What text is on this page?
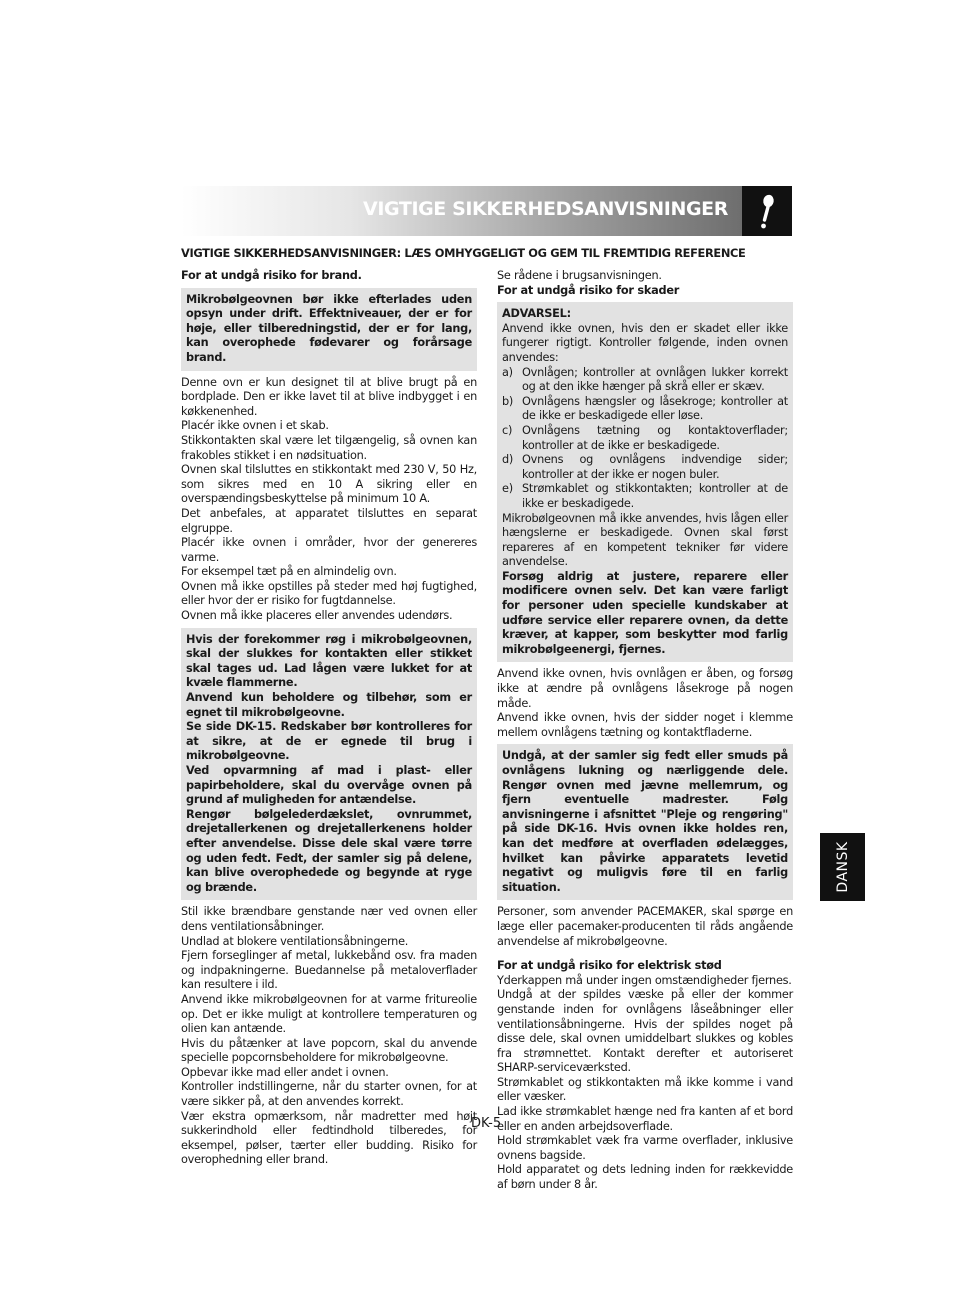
VIGTIGE SIKKERHEDSANVISNINGER
VIGTIGE SIKKERHEDSANVISNINGER: LÆS OMHYGGELIGT OG GEM TIL FREMTIDIG REFERENCE

For at undgå risiko for brand.

Mikrobølgeovnen bør ikke efterlades uden opsyn under drift. Effektniveauer, der er for høje, eller tilberedningstid, der er for lang, kan overophede fødevarer og forårsage brand.

Denne ovn er kun designet til at blive brugt på en bordplade. Den er ikke lavet til at blive indbygget i en køkkenenhed.

Placér ikke ovnen i et skab.

Stikkontakten skal være let tilgængelig, så ovnen kan frakobles stikket i en nødsituation.

Ovnen skal tilsluttes en stikkontakt med 230 V, 50 Hz, som sikres med en 10 A sikring eller en overspændingsbeskyttelse på minimum 10 A.

Det anbefales, at apparatet tilsluttes en separat elgruppe.

Placér ikke ovnen i områder, hvor der genereres varme.

For eksempel tæt på en almindelig ovn.

Ovnen må ikke opstilles på steder med høj fugtighed, eller hvor der er risiko for fugtdannelse.

Ovnen må ikke placeres eller anvendes udendørs.

Hvis der forekommer røg i mikrobølgeovnen, skal der slukkes for kontakten eller stikket skal tages ud. Lad lågen være lukket for at kvæle flammerne.

Anvend kun beholdere og tilbehør, som er egnet til mikrobølgeovne.

Se side DK-15. Redskaber bør kontrolleres for at sikre, at de er egnede til brug i mikrobølgeovne.

Ved opvarmning af mad i plast- eller papirbeholdere, skal du overvåge ovnen på grund af muligheden for antændelse.

Rengør bølgelederdækslet, ovnrummet, drejetallerkenen og drejetallerkenens holder efter anvendelse. Disse dele skal være tørre og uden fedt. Fedt, der samler sig på delene, kan blive overophedede og begynde at ryge og brænde.

Stil ikke brændbare genstande nær ved ovnen eller dens ventilationsåbninger.

Undlad at blokere ventilationsåbningerne.

Fjern forseglinger af metal, lukkebånd osv. fra maden og indpakningerne. Buedannelse på metaloverflader kan resultere i ild.

Anvend ikke mikrobølgeovnen for at varme fritureolie op. Det er ikke muligt at kontrollere temperaturen og olien kan antænde.

Hvis du påtænker at lave popcorn, skal du anvende specielle popcornsbeholdere for mikrobølgeovne.

Opbevar ikke mad eller andet i ovnen.

Kontroller indstillingerne, når du starter ovnen, for at være sikker på, at den anvendes korrekt.

Vær ekstra opmærksom, når madretter med højt sukkerindhold eller fedtindhold tilberedes, for eksempel, pølser, tærter eller budding. Risiko for overophedning eller brand.

Se rådene i brugsanvisningen.

For at undgå risiko for skader

ADVARSEL:

Anvend ikke ovnen, hvis den er skadet eller ikke fungerer rigtigt. Kontroller følgende, inden ovnen anvendes:

a) Ovnlågen; kontroller at ovnlågen lukker korrekt og at den ikke hænger på skrå eller er skæv.
b) Ovnlågens hængsler og låsekroge; kontroller at de ikke er beskadigede eller løse.
c) Ovnlågens tætning og kontaktoverflader; kontroller at de ikke er beskadigede.
d) Ovnens og ovnlågens indvendige sider; kontroller at der ikke er nogen buler.
e) Strømkablet og stikkontakten; kontroller at de ikke er beskadigede.

Mikrobølgeovnen må ikke anvendes, hvis lågen eller hængslerne er beskadigede. Ovnen skal først repareres af en kompetent tekniker før videre anvendelse.

Forsøg aldrig at justere, reparere eller modificere ovnen selv. Det kan være farligt for personer uden specielle kundskaber at udføre service eller reparere ovnen, da dette kræver, at kapper, som beskytter mod farlig mikrobølgeenergi, fjernes.

Anvend ikke ovnen, hvis ovnlågen er åben, og forsøg ikke at ændre på ovnlågens låsekroge på nogen måde.

Anvend ikke ovnen, hvis der sidder noget i klemme mellem ovnlågens tætning og kontaktfladerne.

Undgå, at der samler sig fedt eller smuds på ovnlågens lukning og nærliggende dele. Rengør ovnen med jævne mellemrum, og fjern eventuelle madrester. Følg anvisningerne i afsnittet "Pleje og rengøring" på side DK-16. Hvis ovnen ikke holdes ren, kan det medføre at overfladen ødelægges, hvilket kan påvirke apparatets levetid negativt og muligvis føre til en farlig situation.

Personer, som anvender PACEMAKER, skal spørge en læge eller pacemaker-producenten til råds angående anvendelse af mikrobølgeovne.

For at undgå risiko for elektrisk stød

Yderkappen må under ingen omstændigheder fjernes.

Undgå at der spildes væske på eller der kommer genstande inden for ovnlågens låseåbninger eller ventilationsåbningerne. Hvis der spildes noget på disse dele, skal ovnen umiddelbart slukkes og kobles fra strømnettet. Kontakt derefter et autoriseret SHARP-serviceværksted.

Strømkablet og stikkontakten må ikke komme i vand eller væsker.

Lad ikke strømkablet hænge ned fra kanten af et bord eller en anden arbejdsoverflade.

Hold strømkablet væk fra varme overflader, inklusive ovnens bagside.

Hold apparatet og dets ledning inden for rækkevidde af børn under 8 år.

DK-5
DANSK
